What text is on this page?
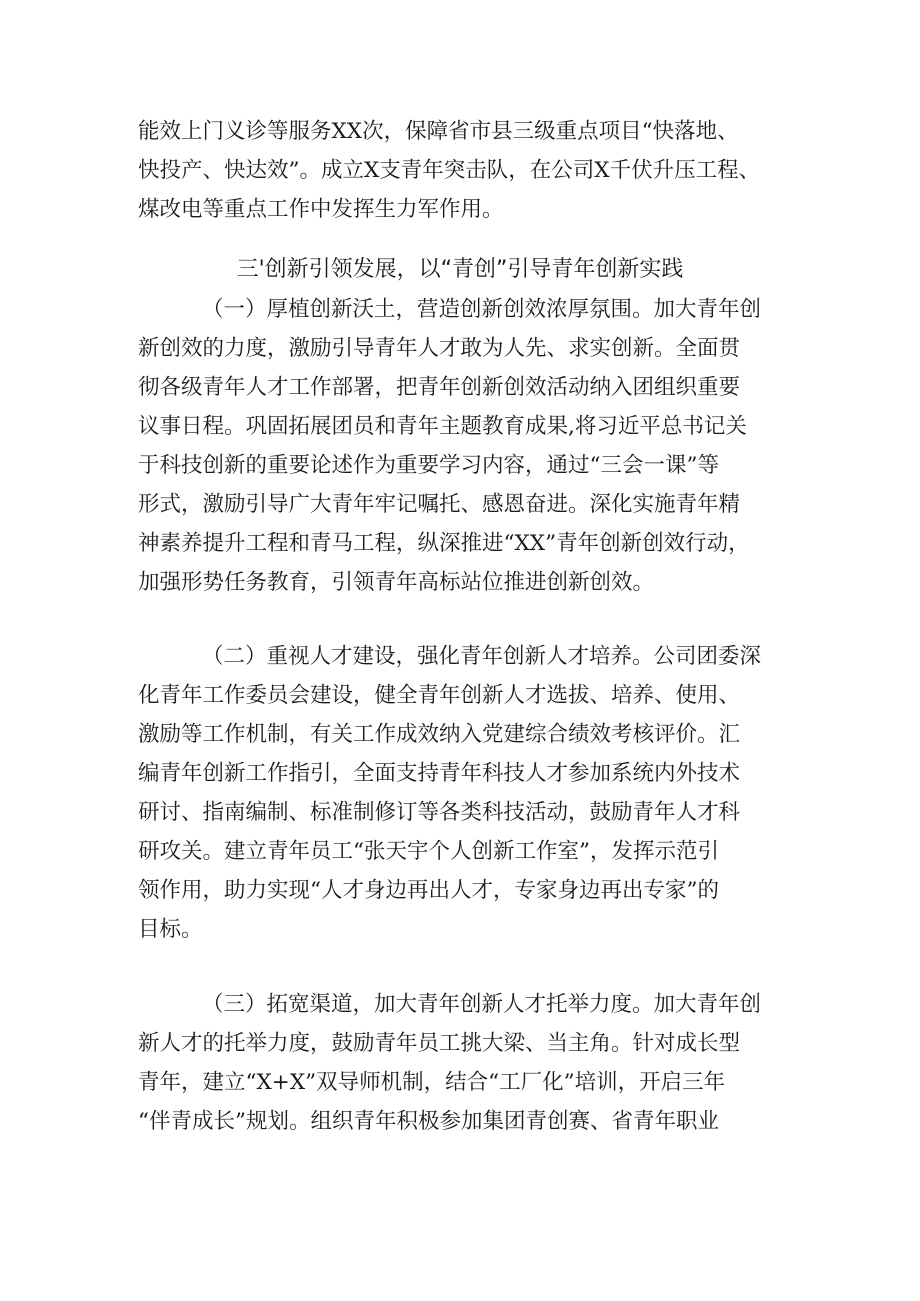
能效上门义诊等服务XX次，保障省市县三级重点项目“快落地、
快投产、快达效”。成立X支青年突击队，在公司X千伏升压工程、
煤改电等重点工作中发挥生力军作用。
三'创新引领发展，以“青创”引导青年创新实践
（一）厚植创新沃土，营造创新创效浓厚氛围。加大青年创
新创效的力度，激励引导青年人才敢为人先、求实创新。全面贯
彻各级青年人才工作部署，把青年创新创效活动纳入团组织重要
议事日程。巩固拓展团员和青年主题教育成果,将习近平总书记关
于科技创新的重要论述作为重要学习内容，通过“三会一课”等
形式，激励引导广大青年牢记嘱托、感恩奋进。深化实施青年精
神素养提升工程和青马工程，纵深推进“XX”青年创新创效行动，
加强形势任务教育，引领青年高标站位推进创新创效。
（二）重视人才建设，强化青年创新人才培养。公司团委深
化青年工作委员会建设，健全青年创新人才选拔、培养、使用、
激励等工作机制，有关工作成效纳入党建综合绩效考核评价。汇
编青年创新工作指引，全面支持青年科技人才参加系统内外技术
研讨、指南编制、标准制修订等各类科技活动，鼓励青年人才科
研攻关。建立青年员工“张天宇个人创新工作室”，发挥示范引
领作用，助力实现“人才身边再出人才，专家身边再出专家”的
目标。
（三）拓宽渠道，加大青年创新人才托举力度。加大青年创
新人才的托举力度，鼓励青年员工挑大梁、当主角。针对成长型
青年，建立“X+X”双导师机制，结合“工厂化”培训，开启三年
“伴青成长”规划。组织青年积极参加集团青创赛、省青年职业
